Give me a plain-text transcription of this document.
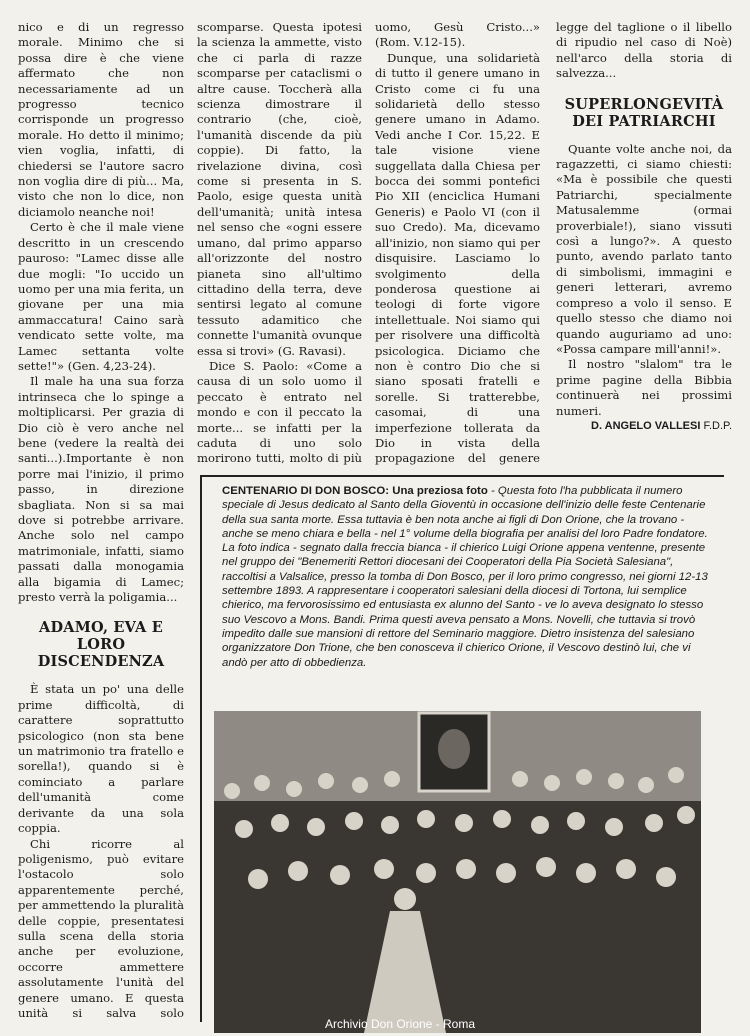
nico e di un regresso morale. Minimo che si possa dire è che viene affermato che non necessariamente ad un progresso tecnico corrisponde un progresso morale. Ho detto il minimo; vien voglia, infatti, di chiedersi se l'autore sacro non voglia dire di più... Ma, visto che non lo dice, non diciamolo neanche noi!

Certo è che il male viene descritto in un crescendo pauroso: "Lamec disse alle due mogli: "Io uccido un uomo per una mia ferita, un giovane per una mia ammaccatura! Caino sarà vendicato sette volte, ma Lamec settanta volte sette!"» (Gen. 4,23-24).

Il male ha una sua forza intrinseca che lo spinge a moltiplicarsi. Per grazia di Dio ciò è vero anche nel bene (vedere la realtà dei santi...).Importante è non porre mai l'inizio, il primo passo, in direzione sbagliata. Non si sa mai dove si potrebbe arrivare. Anche solo nel campo matrimoniale, infatti, siamo passati dalla monogamia alla bigamia di Lamec; presto verrà la poligamia...

ADAMO, EVA E LORO DISCENDENZA

È stata un po' una delle prime difficoltà, di carattere soprattutto psicologico (non sta bene un matrimonio tra fratello e sorella!), quando si è cominciato a parlare dell'umanità come derivante da una sola coppia.

Chi ricorre al poligenismo, può evitare l'ostacolo solo apparentemente perché, per ammettendo la pluralità delle coppie, presentatesi sulla scena della storia anche per evoluzione, occorre ammettere assolutamente l'unità del genere umano. E questa unità si salva solo

scomparse. Questa ipotesi la scienza la ammette, visto che ci parla di razze scomparse per cataclismi o altre cause. Toccherà alla scienza dimostrare il contrario (che, cioè, l'umanità discende da più coppie). Di fatto, la rivelazione divina, così come si presenta in S. Paolo, esige questa unità dell'umanità; unità intesa nel senso che «ogni essere umano, dal primo apparso all'orizzonte del nostro pianeta sino all'ultimo cittadino della terra, deve sentirsi legato al comune tessuto adamitico che connette l'umanità ovunque essa si trovi» (G. Ravasi).

Dice S. Paolo: «Come a causa di un solo uomo il peccato è entrato nel mondo e con il peccato la morte... se infatti per la caduta di uno solo morirono tutti, molto di più

uomo, Gesù Cristo...» (Rom. V.12-15).

Dunque, una solidarietà di tutto il genere umano in Cristo come ci fu una solidarietà dello stesso genere umano in Adamo. Vedi anche I Cor. 15,22. E tale visione viene suggellata dalla Chiesa per bocca dei sommi pontefici Pio XII (enciclica Humani Generis) e Paolo VI (con il suo Credo). Ma, dicevamo all'inizio, non siamo qui per disquisire. Lasciamo lo svolgimento della ponderosa questione ai teologi di forte vigore intellettuale. Noi siamo qui per risolvere una difficoltà psicologica. Diciamo che non è contro Dio che si siano sposati fratelli e sorelle. Si tratterebbe, casomai, di una imperfezione tollerata da Dio in vista della propagazione del genere

legge del taglione o il libello di ripudio nel caso di Noè) nell'arco della storia di salvezza...

SUPERLONGEVITÀ DEI PATRIARCHI

Quante volte anche noi, da ragazzetti, ci siamo chiesti: «Ma è possibile che questi Patriarchi, specialmente Matusalemme (ormai proverbiale!), siano vissuti così a lungo?». A questo punto, avendo parlato tanto di simbolismi, immagini e generi letterari, avremo compreso a volo il senso. E quello stesso che diamo noi quando auguriamo ad uno: «Possa campare mill'anni!».

Il nostro "slalom" tra le prime pagine della Bibbia continuerà nei prossimi numeri.

D. ANGELO VALLESI F.D.P.

CENTENARIO DI DON BOSCO: Una preziosa foto - Questa foto l'ha pubblicata il numero speciale di Jesus dedicato al Santo della Gioventù in occasione dell'inizio delle feste Centenarie della sua santa morte. Essa tuttavia è ben nota anche ai figli di Don Orione, che la trovano - anche se meno chiara e bella - nel 1° volume della biografia per analisi del loro Padre fondatore. La foto indica - segnato dalla freccia bianca - il chierico Luigi Orione appena ventenne, presente nel gruppo dei "Benemeriti Rettori diocesani dei Cooperatori della Pia Società Salesiana", raccoltisi a Valsalice, presso la tomba di Don Bosco, per il loro primo congresso, nei giorni 12-13 settembre 1893. A rappresentare i cooperatori salesiani della diocesi di Tortona, lui semplice chierico, ma fervorosissimo ed entusiasta ex alunno del Santo - ve lo aveva designato lo stesso suo Vescovo a Mons. Bandi. Prima questi aveva pensato a Mons. Novelli, che tuttavia si trovò impedito dalle sue mansioni di rettore del Seminario maggiore. Dietro insistenza del salesiano organizzatore Don Trione, che ben conosceva il chierico Orione, il Vescovo destinò lui, che vi andò per atto di obbedienza.
Archivio Don Orione - Roma
